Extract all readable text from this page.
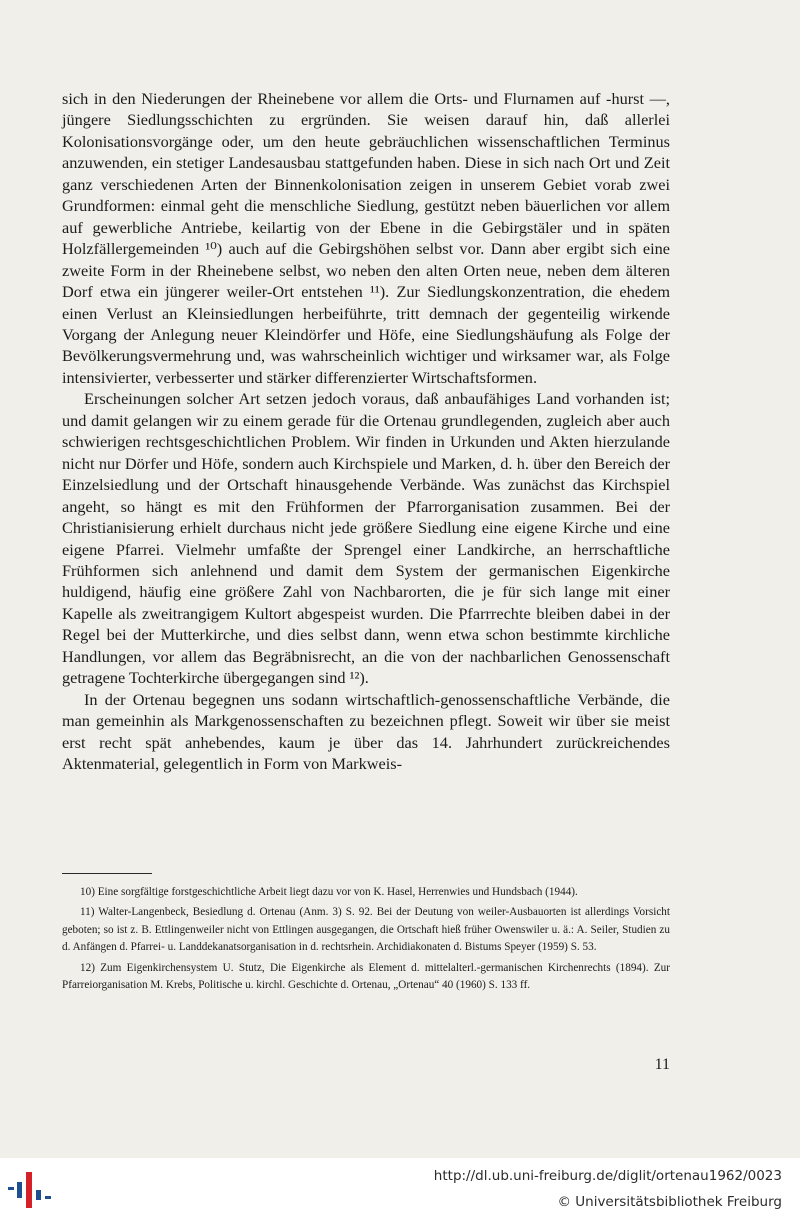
sich in den Niederungen der Rheinebene vor allem die Orts- und Flurnamen auf -hurst —, jüngere Siedlungsschichten zu ergründen. Sie weisen darauf hin, daß allerlei Kolonisationsvorgänge oder, um den heute gebräuchlichen wissenschaftlichen Terminus anzuwenden, ein stetiger Landesausbau stattgefunden haben. Diese in sich nach Ort und Zeit ganz verschiedenen Arten der Binnenkolonisation zeigen in unserem Gebiet vorab zwei Grundformen: einmal geht die menschliche Siedlung, gestützt neben bäuerlichen vor allem auf gewerbliche Antriebe, keilartig von der Ebene in die Gebirgstäler und in späten Holzfällergemeinden ¹⁰) auch auf die Gebirgshöhen selbst vor. Dann aber ergibt sich eine zweite Form in der Rheinebene selbst, wo neben den alten Orten neue, neben dem älteren Dorf etwa ein jüngerer weiler-Ort entstehen ¹¹). Zur Siedlungskonzentration, die ehedem einen Verlust an Kleinsiedlungen herbeiführte, tritt demnach der gegenteilig wirkende Vorgang der Anlegung neuer Kleindörfer und Höfe, eine Siedlungshäufung als Folge der Bevölkerungsvermehrung und, was wahrscheinlich wichtiger und wirksamer war, als Folge intensivierter, verbesserter und stärker differenzierter Wirtschaftsformen.

Erscheinungen solcher Art setzen jedoch voraus, daß anbaufähiges Land vorhanden ist; und damit gelangen wir zu einem gerade für die Ortenau grundlegenden, zugleich aber auch schwierigen rechtsgeschichtlichen Problem. Wir finden in Urkunden und Akten hierzulande nicht nur Dörfer und Höfe, sondern auch Kirchspiele und Marken, d. h. über den Bereich der Einzelsiedlung und der Ortschaft hinausgehende Verbände. Was zunächst das Kirchspiel angeht, so hängt es mit den Frühformen der Pfarrorganisation zusammen. Bei der Christianisierung erhielt durchaus nicht jede größere Siedlung eine eigene Kirche und eine eigene Pfarrei. Vielmehr umfaßte der Sprengel einer Landkirche, an herrschaftliche Frühformen sich anlehnend und damit dem System der germanischen Eigenkirche huldigend, häufig eine größere Zahl von Nachbarorten, die je für sich lange mit einer Kapelle als zweitrangigem Kultort abgespeist wurden. Die Pfarrrechte bleiben dabei in der Regel bei der Mutterkirche, und dies selbst dann, wenn etwa schon bestimmte kirchliche Handlungen, vor allem das Begräbnisrecht, an die von der nachbarlichen Genossenschaft getragene Tochterkirche übergegangen sind ¹²).

In der Ortenau begegnen uns sodann wirtschaftlich-genossenschaftliche Verbände, die man gemeinhin als Markgenossenschaften zu bezeichnen pflegt. Soweit wir über sie meist erst recht spät anhebendes, kaum je über das 14. Jahrhundert zurückreichendes Aktenmaterial, gelegentlich in Form von Markweis-

10) Eine sorgfältige forstgeschichtliche Arbeit liegt dazu vor von K. Hasel, Herrenwies und Hundsbach (1944).

11) Walter-Langenbeck, Besiedlung d. Ortenau (Anm. 3) S. 92. Bei der Deutung von weiler-Ausbauorten ist allerdings Vorsicht geboten; so ist z. B. Ettlingenweiler nicht von Ettlingen ausgegangen, die Ortschaft hieß früher Owenswiler u. ä.: A. Seiler, Studien zu d. Anfängen d. Pfarrei- u. Landdekanatsorganisation in d. rechtsrhein. Archidiakonaten d. Bistums Speyer (1959) S. 53.

12) Zum Eigenkirchensystem U. Stutz, Die Eigenkirche als Element d. mittelalterl.-germanischen Kirchenrechts (1894). Zur Pfarreiorganisation M. Krebs, Politische u. kirchl. Geschichte d. Ortenau, „Ortenau“ 40 (1960) S. 133 ff.

11
http://dl.ub.uni-freiburg.de/diglit/ortenau1962/0023
© Universitätsbibliothek Freiburg
